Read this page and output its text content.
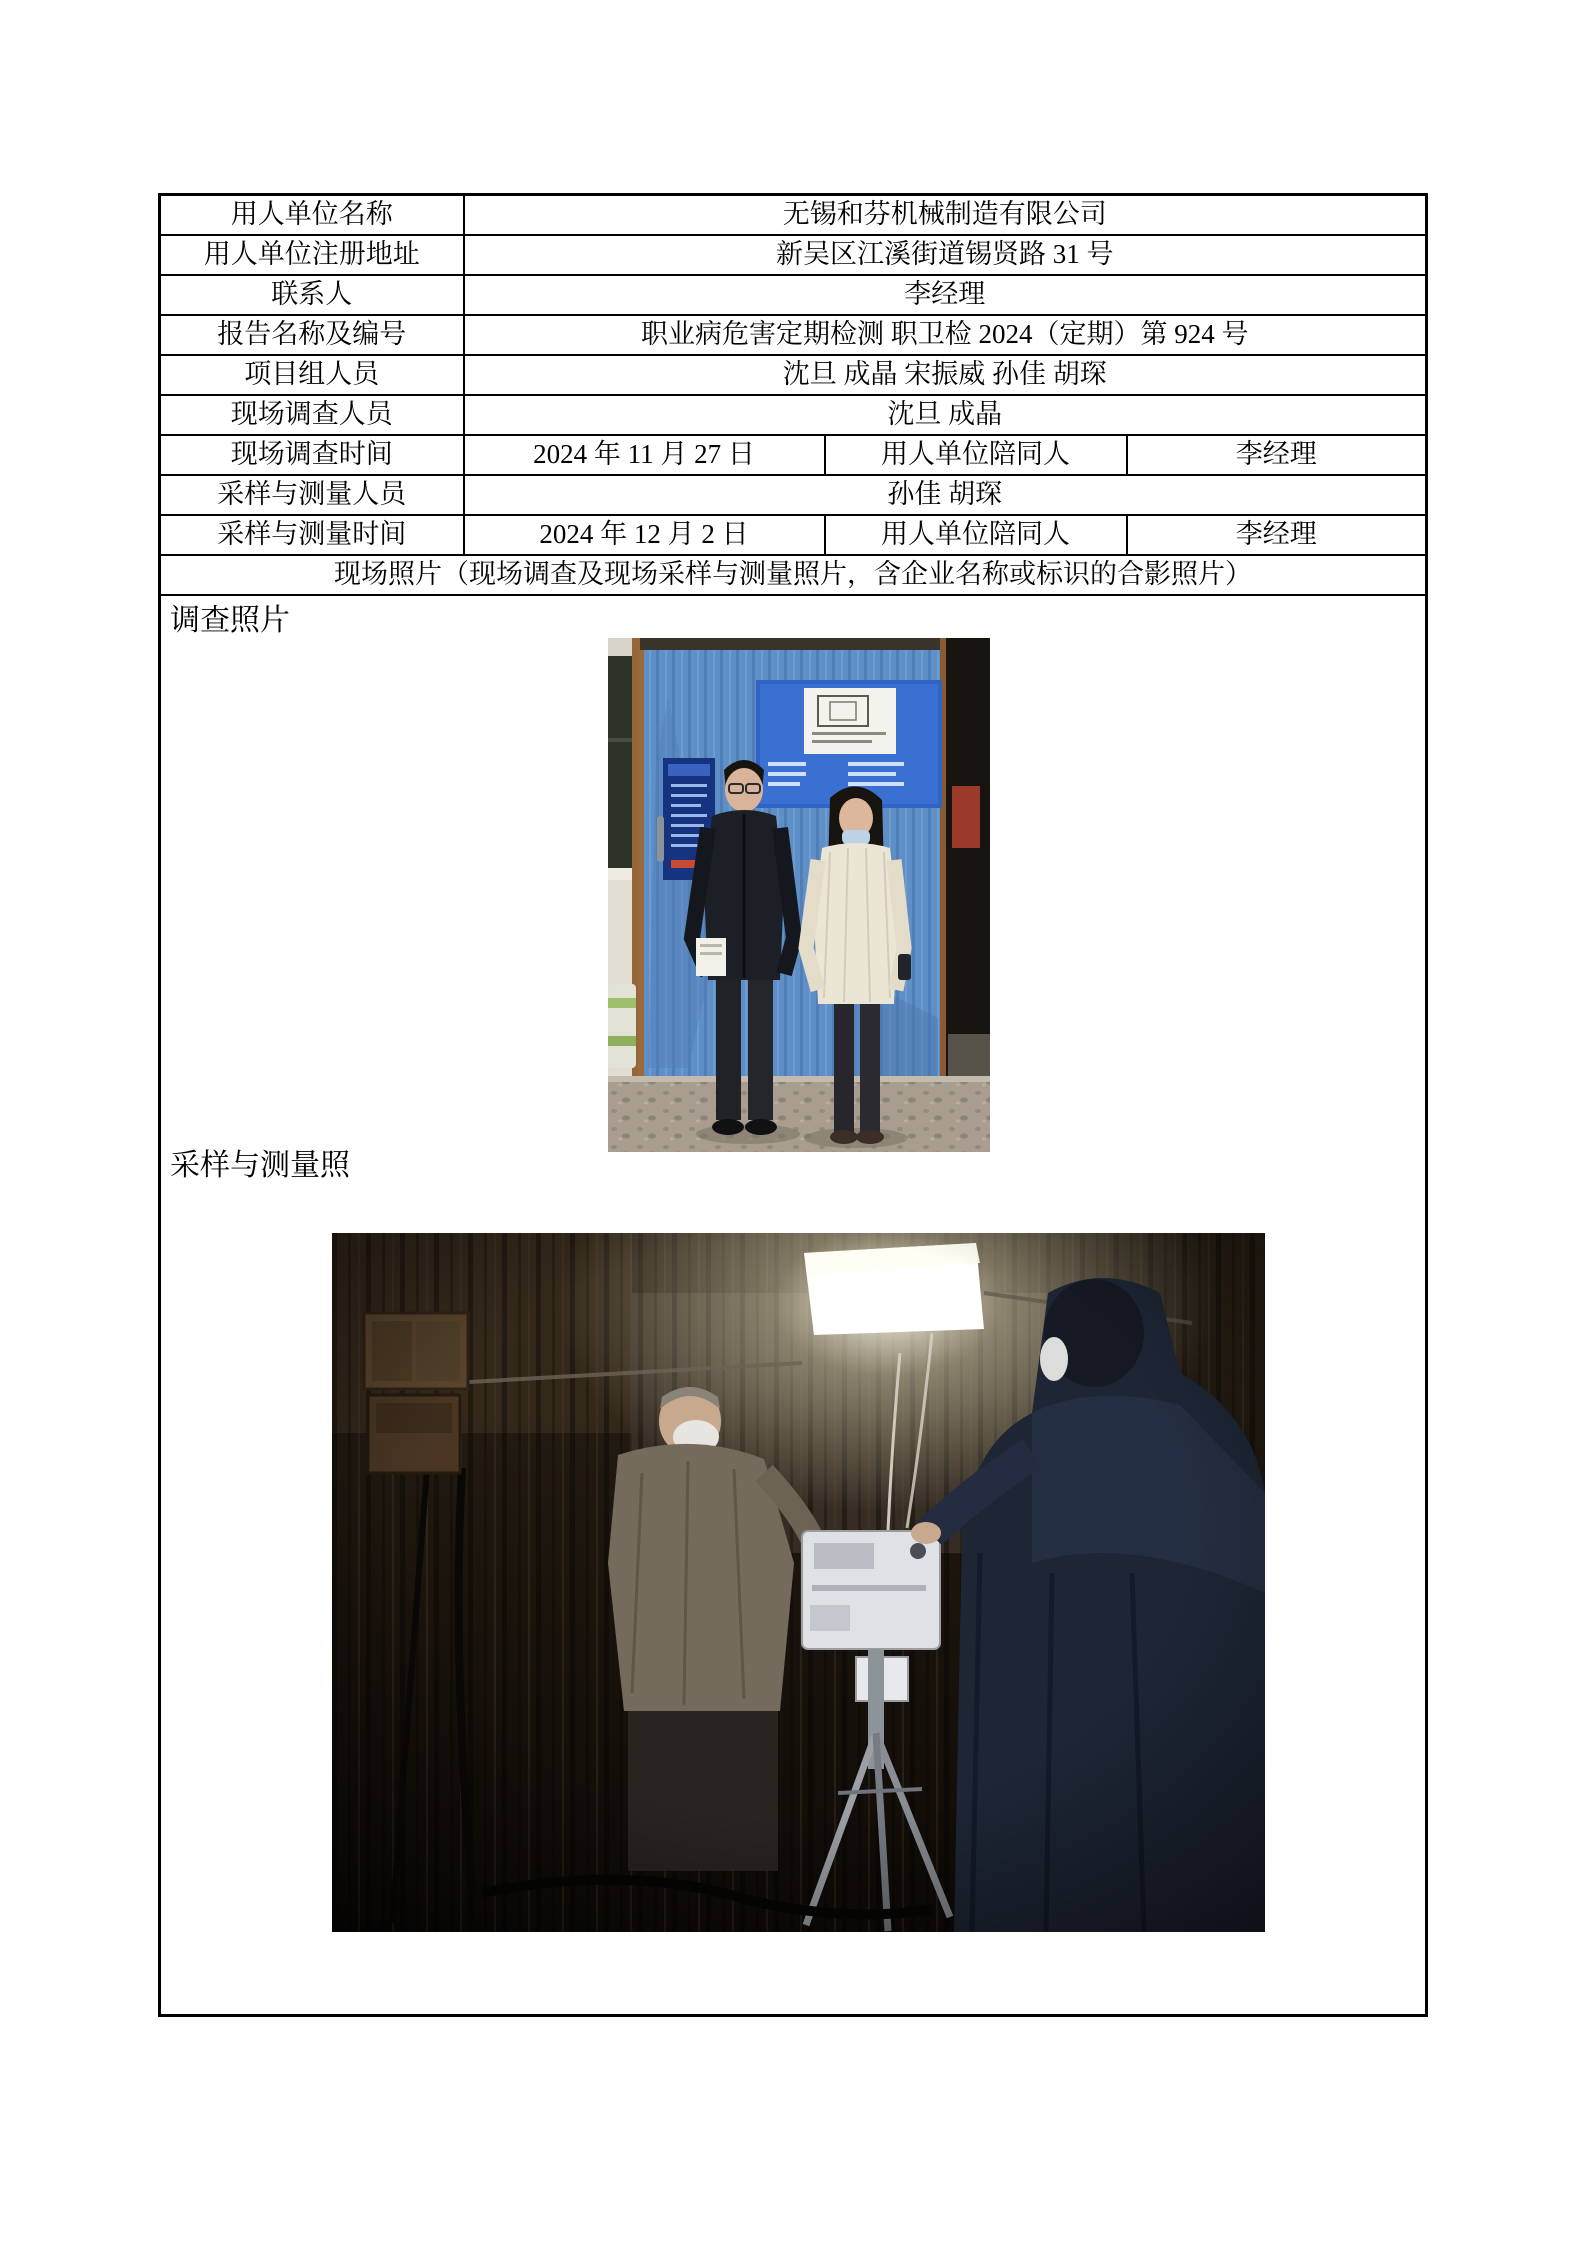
用人单位名称	无锡和芬机械制造有限公司		
用人单位注册地址	新吴区江溪街道锡贤路 31 号		
联系人	李经理		
报告名称及编号	职业病危害定期检测 职卫检 2024（定期）第 924 号		
项目组人员	沈旦 成晶 宋振威 孙佳 胡琛		
现场调查人员	沈旦 成晶		
现场调查时间	2024 年 11 月 27 日	用人单位陪同人	李经理
采样与测量人员	孙佳 胡琛		
采样与测量时间	2024 年 12 月 2 日	用人单位陪同人	李经理
现场照片（现场调查及现场采样与测量照片，含企业名称或标识的合影照片）			

调查照片
采样与测量照			
